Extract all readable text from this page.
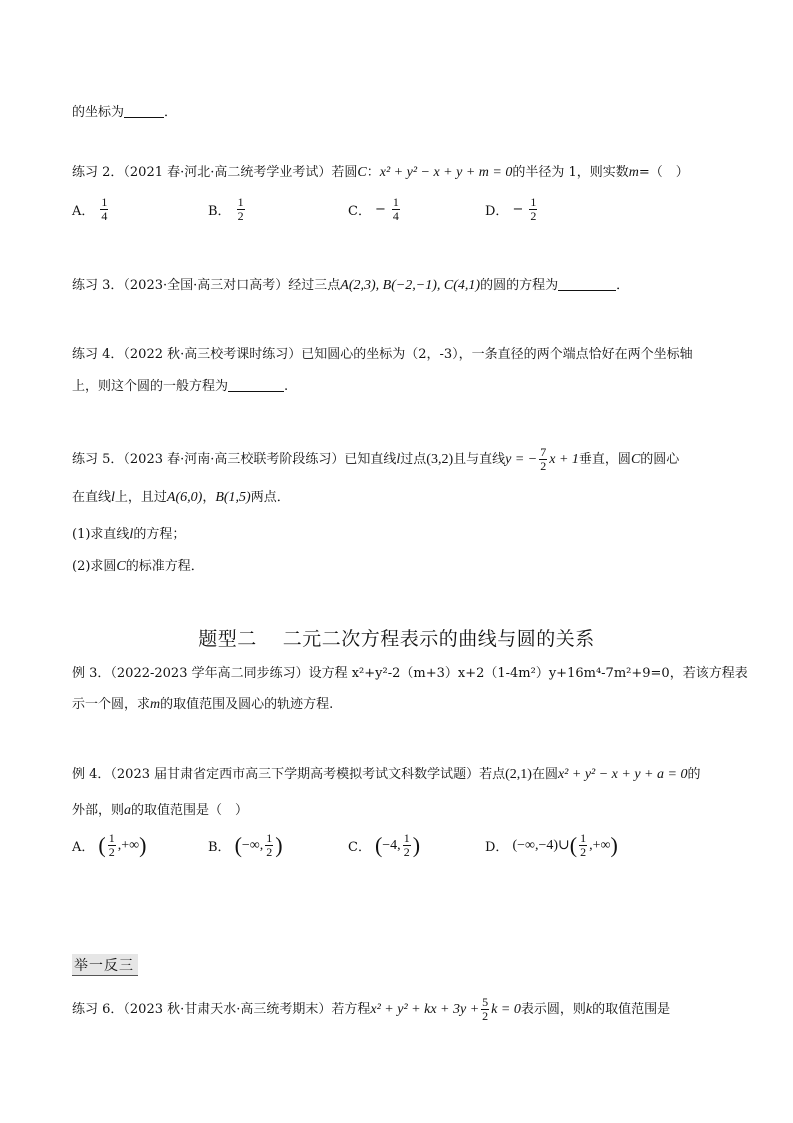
的坐标为	．
练习 2．（2021 春·河北·高二统考学业考试）若圆C：x² + y² − x + y + m = 0的半径为 1，则实数m=（　）
A． $\frac{1}{4}$	B． $\frac{1}{2}$	C． − $\frac{1}{4}$	D． − $\frac{1}{2}$
练习 3．（2023·全国·高三对口高考）经过三点A(2,3), B(−2,−1), C(4,1)的圆的方程为	．
练习 4．（2022 秋·高三校考课时练习）已知圆心的坐标为（2，-3），一条直径的两个端点恰好在两个坐标轴
上，则这个圆的一般方程为	.
练习 5．（2023 春·河南·高三校联考阶段练习）已知直线l过点(3,2)且与直线y = − $\frac{7}{2}$ x + 1垂直，圆C的圆心
在直线l上，且过A(6,0)，B(1,5)两点．
(1)求直线l的方程；
(2)求圆C的标准方程．
题型二　 二元二次方程表示的曲线与圆的关系
例 3．（2022-2023 学年高二同步练习）设方程 x²+y²-2（m+3）x+2（1-4m²）y+16m⁴-7m²+9=0，若该方程表
示一个圆，求m的取值范围及圆心的轨迹方程.
例 4．（2023 届甘肃省定西市高三下学期高考模拟考试文科数学试题）若点(2,1)在圆x² + y² − x + y + a = 0的
外部，则a的取值范围是（　）
A． ( $\frac{1}{2}$ ,+∞)	B． (−∞, $\frac{1}{2}$ )	C． (−4, $\frac{1}{2}$ )	D． (−∞,−4)∪( $\frac{1}{2}$ ,+∞)
举一反三
练习 6．（2023 秋·甘肃天水·高三统考期末）若方程x² + y² + kx + $3y + \frac{5}{2}$ k = 0表示圆，则k的取值范围是
